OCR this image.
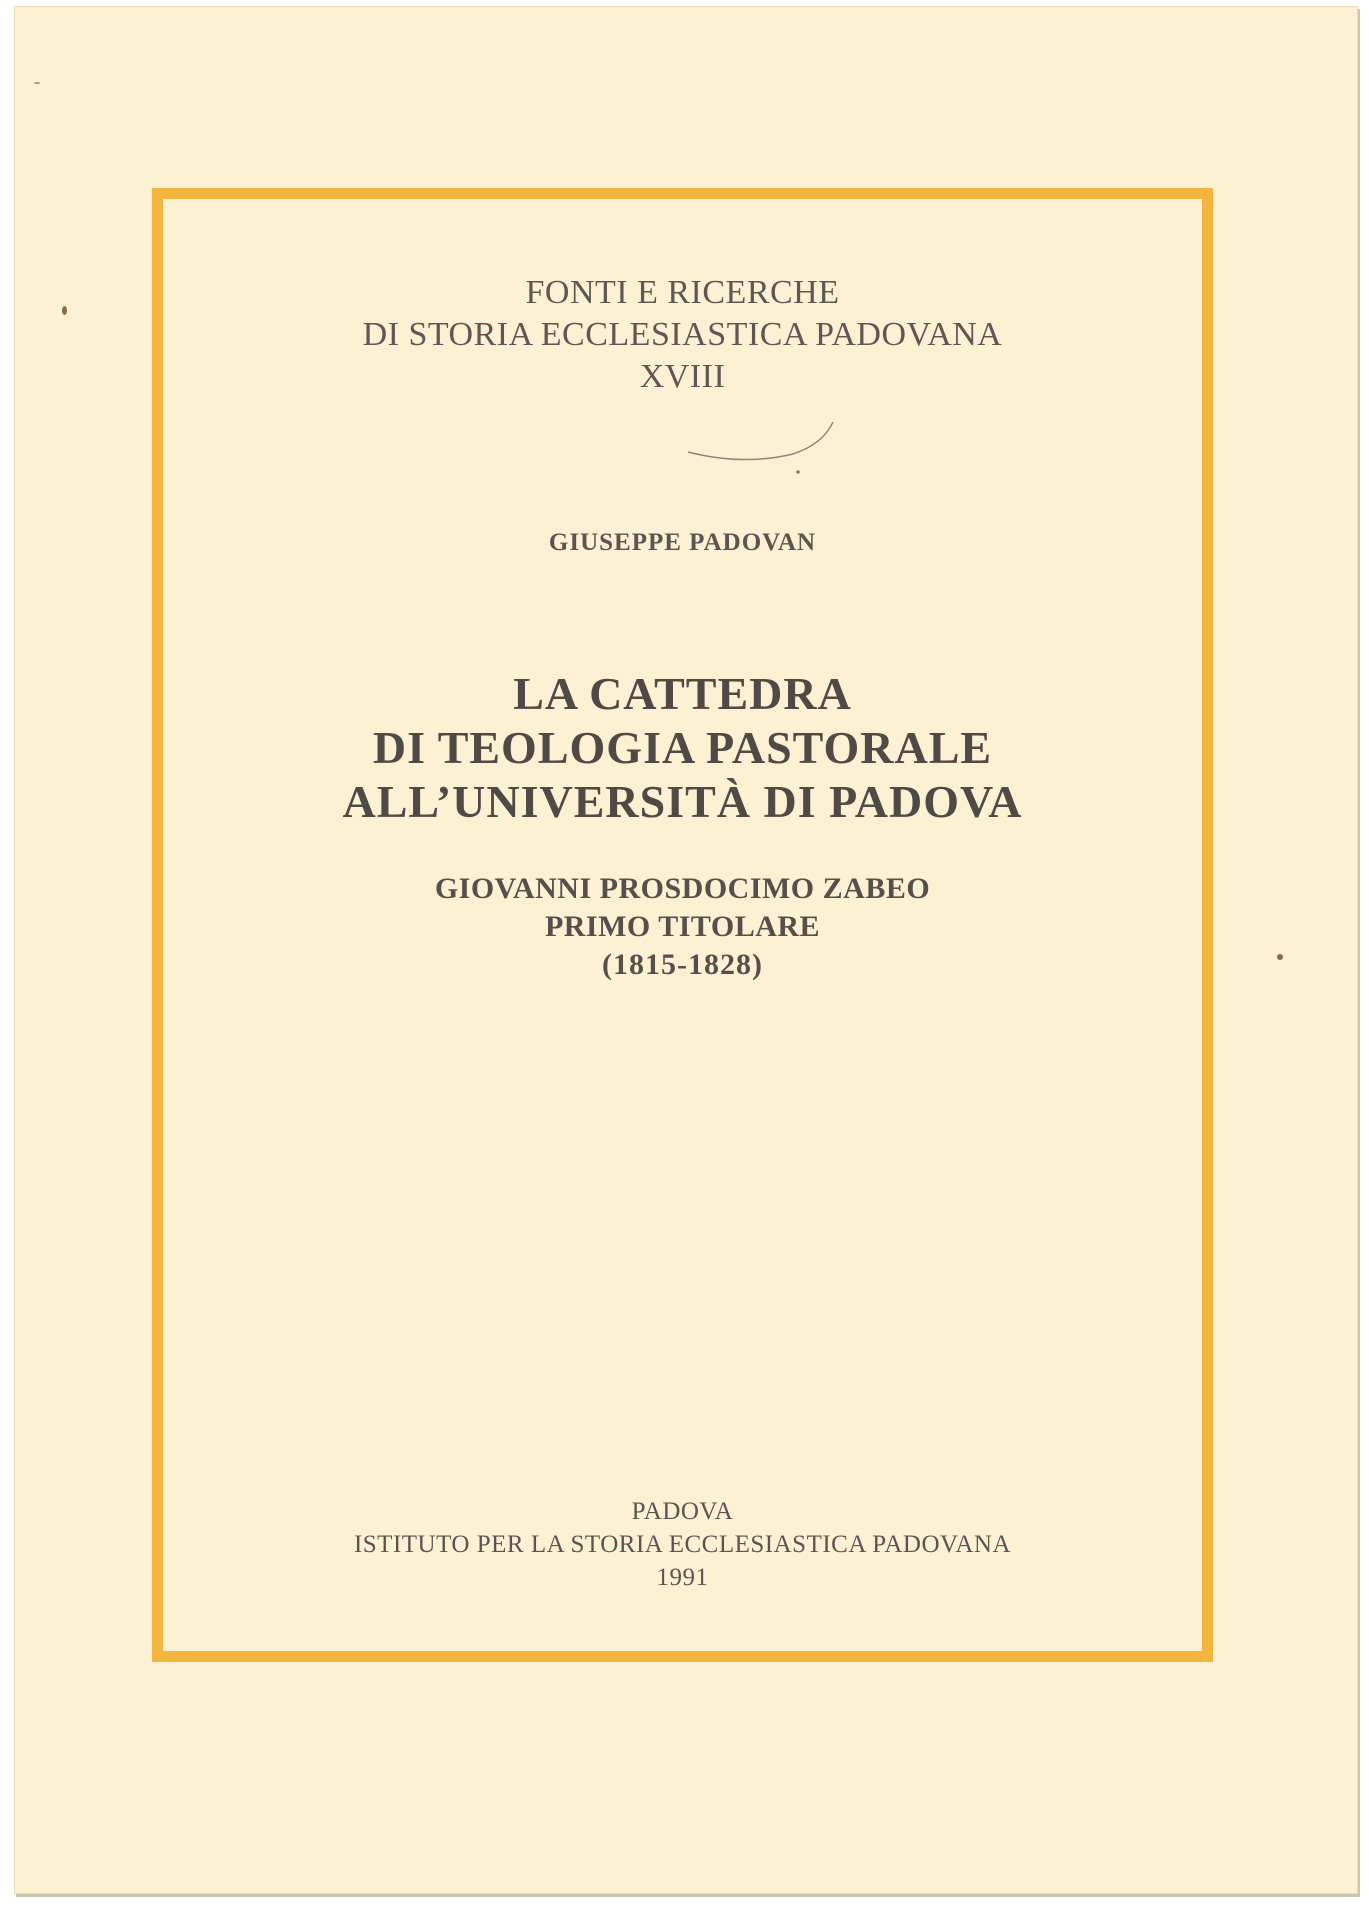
FONTI E RICERCHE
DI STORIA ECCLESIASTICA PADOVANA
XVIII
GIUSEPPE PADOVAN
LA CATTEDRA
DI TEOLOGIA PASTORALE
ALL’UNIVERSITÀ DI PADOVA
GIOVANNI PROSDOCIMO ZABEO
PRIMO TITOLARE
(1815-1828)
PADOVA
ISTITUTO PER LA STORIA ECCLESIASTICA PADOVANA
1991
